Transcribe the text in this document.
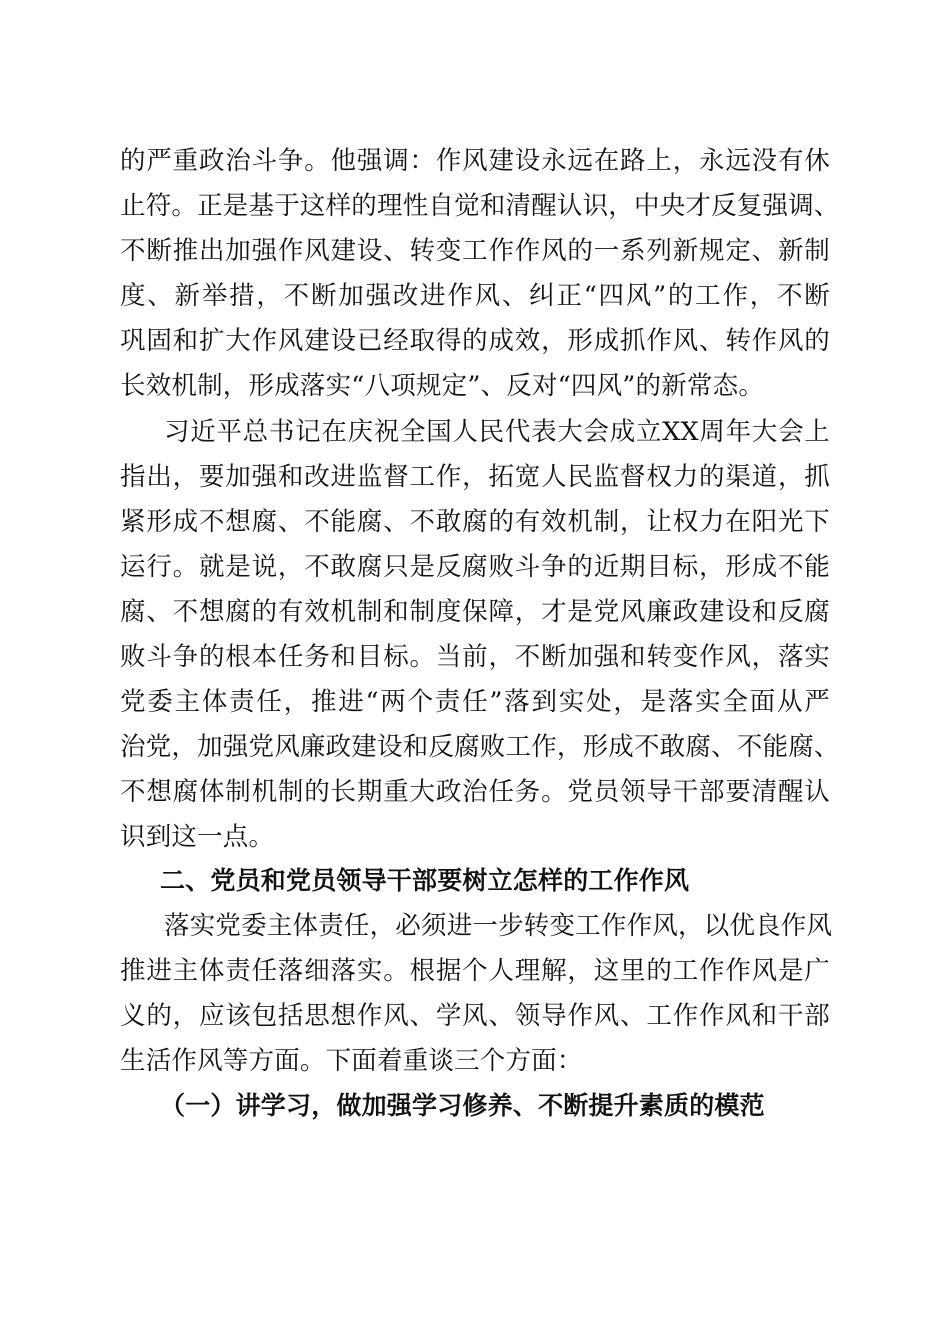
的严重政治斗争。他强调：作风建设永远在路上，永远没有休
止符。正是基于这样的理性自觉和清醒认识，中央才反复强调、
不断推出加强作风建设、转变工作作风的一系列新规定、新制
度、新举措，不断加强改进作风、纠正“四风”的工作，不断
巩固和扩大作风建设已经取得的成效，形成抓作风、转作风的
长效机制，形成落实“八项规定”、反对“四风”的新常态。
习近平总书记在庆祝全国人民代表大会成立XX周年大会上
指出，要加强和改进监督工作，拓宽人民监督权力的渠道，抓
紧形成不想腐、不能腐、不敢腐的有效机制，让权力在阳光下
运行。就是说，不敢腐只是反腐败斗争的近期目标，形成不能
腐、不想腐的有效机制和制度保障，才是党风廉政建设和反腐
败斗争的根本任务和目标。当前，不断加强和转变作风，落实
党委主体责任，推进“两个责任”落到实处，是落实全面从严
治党，加强党风廉政建设和反腐败工作，形成不敢腐、不能腐、
不想腐体制机制的长期重大政治任务。党员领导干部要清醒认
识到这一点。
二、党员和党员领导干部要树立怎样的工作作风
落实党委主体责任，必须进一步转变工作作风，以优良作风
推进主体责任落细落实。根据个人理解，这里的工作作风是广
义的，应该包括思想作风、学风、领导作风、工作作风和干部
生活作风等方面。下面着重谈三个方面：
（一）讲学习，做加强学习修养、不断提升素质的模范
